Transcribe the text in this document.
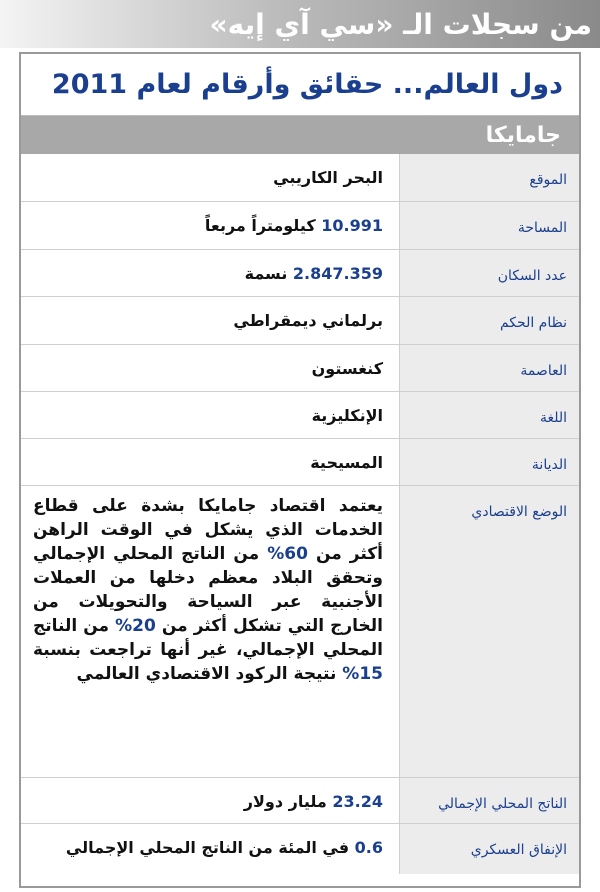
من سجلات الـ «سي آي إيه»
دول العالم... حقائق وأرقام لعام 2011
جامايكا
الموقع
البحر الكاريبي
المساحة
10.991 كيلومتراً مربعاً
عدد السكان
2.847.359 نسمة
نظام الحكم
برلماني ديمقراطي
العاصمة
كنغستون
اللغة
الإنكليزية
الديانة
المسيحية
الوضع الاقتصادي
يعتمد اقتصاد جامايكا بشدة على قطاع الخدمات الذي يشكل في الوقت الراهن أكثر من 60% من الناتج المحلي الإجمالي وتحقق البلاد معظم دخلها من العملات الأجنبية عبر السياحة والتحويلات من الخارج التي تشكل أكثر من 20% من الناتج المحلي الإجمالي، غير أنها تراجعت بنسبة 15% نتيجة الركود الاقتصادي العالمي
الناتج المحلي الإجمالي
23.24 مليار دولار
الإنفاق العسكري
0.6 في المئة من الناتج المحلي الإجمالي
